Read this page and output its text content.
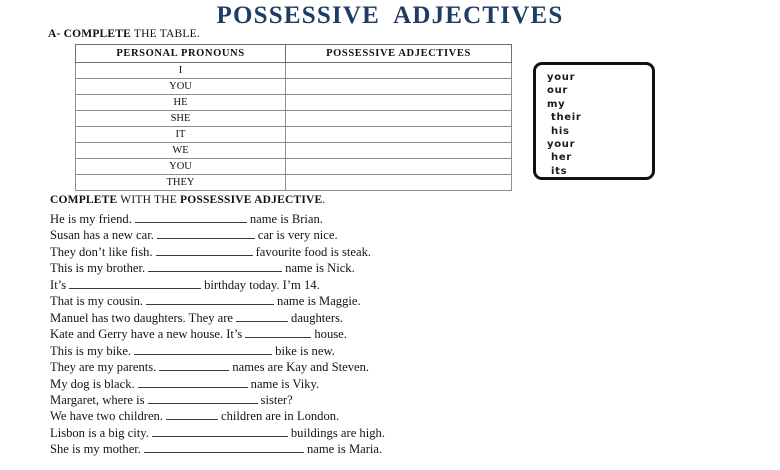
POSSESSIVE ADJECTIVES
A- COMPLETE THE TABLE.
PERSONAL PRONOUNS	POSSESSIVE ADJECTIVES
I	
YOU	
HE	
SHE	
IT	
WE	
YOU	
THEY	
your
our
my
their
his
your
her
its
COMPLETE WITH THE POSSESSIVE ADJECTIVE.
He is my friend.	name is Brian.
Susan has a new car.	car is very nice.
They don’t like fish.	favourite food is steak.
This is my brother.	name is Nick.
It’s	birthday today. I’m 14.
That is my cousin.	name is Maggie.
Manuel has two daughters. They are	daughters.
Kate and Gerry have a new house. It’s	house.
This is my bike.	bike is new.
They are my parents.	names are Kay and Steven.
My dog is black.	name is Viky.
Margaret, where is	sister?
We have two children.	children are in London.
Lisbon is a big city.	buildings are high.
She is my mother.	name is Maria.
